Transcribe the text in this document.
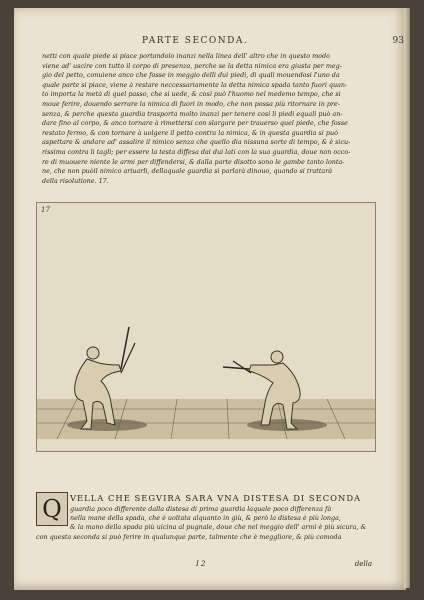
PARTE SECONDA.	93
netti con quale piede si piace portandolo inanzi nella linea dell' altro che in questo modo
viene ad' uscire con tutto il corpo di presenza, perche se la detta nimica era giusta per meg-
gio del petto, conuiene anco che fosse in meggio delli dui piedi, di quali mouendosi l'uno da
quale parte si piace, viene à restare neccessariamente la detta nimica spada tanto fuori quan-
to importa la metà di quel passo, che si uede, & così può l'huomo nel medemo tempo, che si
moue ferire, douendo serrare la nimica di fuori in modo, che non possa più ritornare in pre-
senza, & perche questa guardia trasporta molto inanzi per tenere così li piedi equali può an-
dare fino al corpo, & anco tornare à rimettersi con slargare per trauerso quel piede, che fosse
restato fermo, & con tornare à uolgere il petto contra la nimica, & in questa guardia si può
aspettare & andare ad' assalire il nimico senza che quello dia nissuna sorte di tempo, & è sicu-
rissima contra li tagli; per essere la testa diffesa dai dui lati con la sua guardia, doue non occo-
re di muouere niente le armi per diffendersi, & dalla parte disotto sono le gambe tanto lonta-
ne, che non puòil nimico ariuarli, dellaquale guardia si parlarà dinouo, quando si trattarà
della risolutione. 17.
17
Q VELLA CHE SEGVIRA SARA VNA DISTESA DI SECONDA
guardia poco differente dalla distesa di prima guardia laquale poco differenza fà
nella mane della spada, che è uoltata alquanto in giù, & però la distesa è più longa,
& la mano della spada più uicina al pugnale, doue che nel meggio dell' armi è più sicura, &
con questa seconda si può ferire in qualunque parte, talmente che è meggliore, & più comoda
I 2	della
